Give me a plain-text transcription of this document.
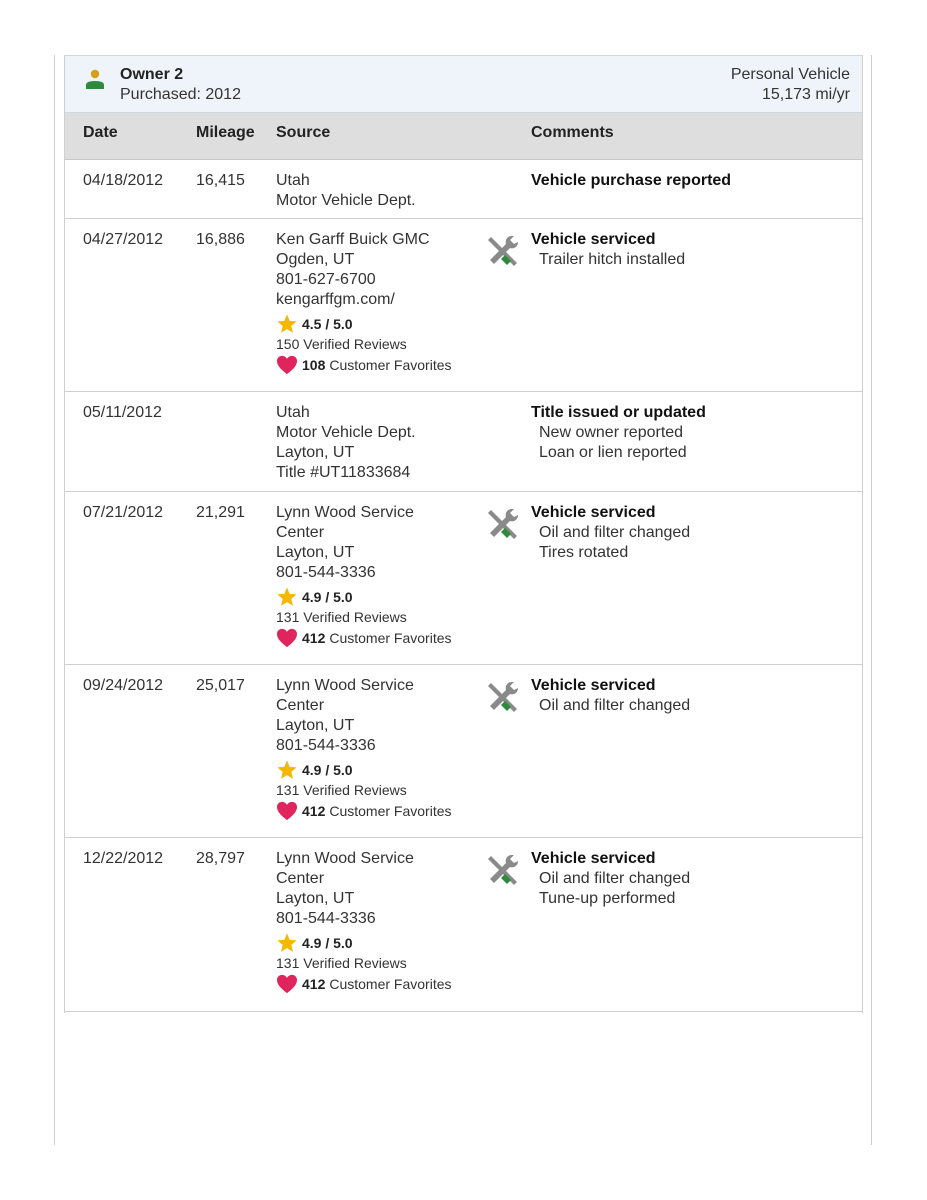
Owner 2
Purchased: 2012
Personal Vehicle
15,173 mi/yr
Date	Mileage Source	Comments
04/18/2012 16,415 Utah
Motor Vehicle Dept.
Vehicle purchase reported
04/27/2012 16,886 Ken Garff Buick GMC
Ogden, UT
801-627-6700
kengarffgm.com/
4.5 / 5.0
150 Verified Reviews
108 Customer Favorites
Vehicle serviced
Trailer hitch installed
05/11/2012	Utah
Motor Vehicle Dept.
Layton, UT
Title #UT11833684
Title issued or updated
New owner reported
Loan or lien reported
07/21/2012 21,291 Lynn Wood Service
Center
Layton, UT
801-544-3336
4.9 / 5.0
131 Verified Reviews
412 Customer Favorites
Vehicle serviced
Oil and filter changed
Tires rotated
09/24/2012 25,017 Lynn Wood Service
Center
Layton, UT
801-544-3336
4.9 / 5.0
131 Verified Reviews
412 Customer Favorites
Vehicle serviced
Oil and filter changed
12/22/2012 28,797 Lynn Wood Service
Center
Layton, UT
801-544-3336
4.9 / 5.0
131 Verified Reviews
412 Customer Favorites
Vehicle serviced
Oil and filter changed
Tune-up performed
